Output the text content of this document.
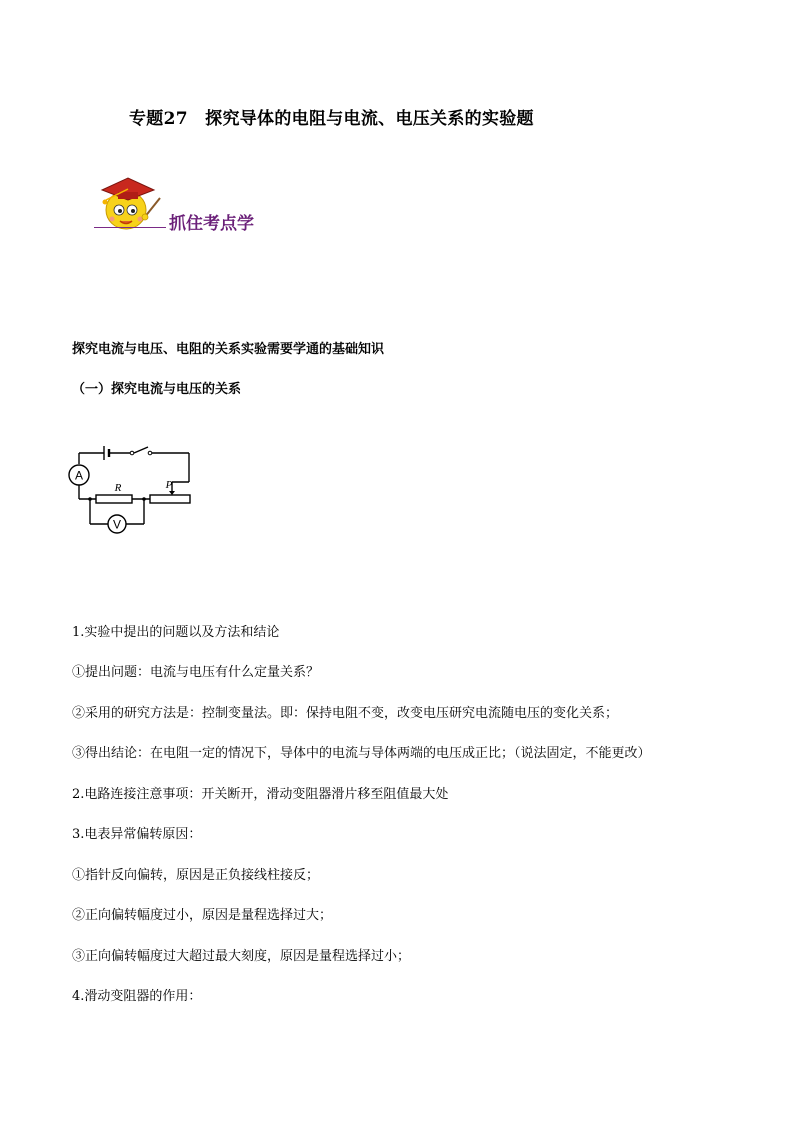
专题27　探究导体的电阻与电流、电压关系的实验题
抓住考点学
探究电流与电压、电阻的关系实验需要学通的基础知识
（一）探究电流与电压的关系
A
V
R	P
1.实验中提出的问题以及方法和结论
①提出问题：电流与电压有什么定量关系？
②采用的研究方法是：控制变量法。即：保持电阻不变，改变电压研究电流随电压的变化关系；
③得出结论：在电阻一定的情况下，导体中的电流与导体两端的电压成正比；（说法固定，不能更改）
2.电路连接注意事项：开关断开，滑动变阻器滑片移至阻值最大处
3.电表异常偏转原因：
①指针反向偏转，原因是正负接线柱接反；
②正向偏转幅度过小，原因是量程选择过大；
③正向偏转幅度过大超过最大刻度，原因是量程选择过小；
4.滑动变阻器的作用：
